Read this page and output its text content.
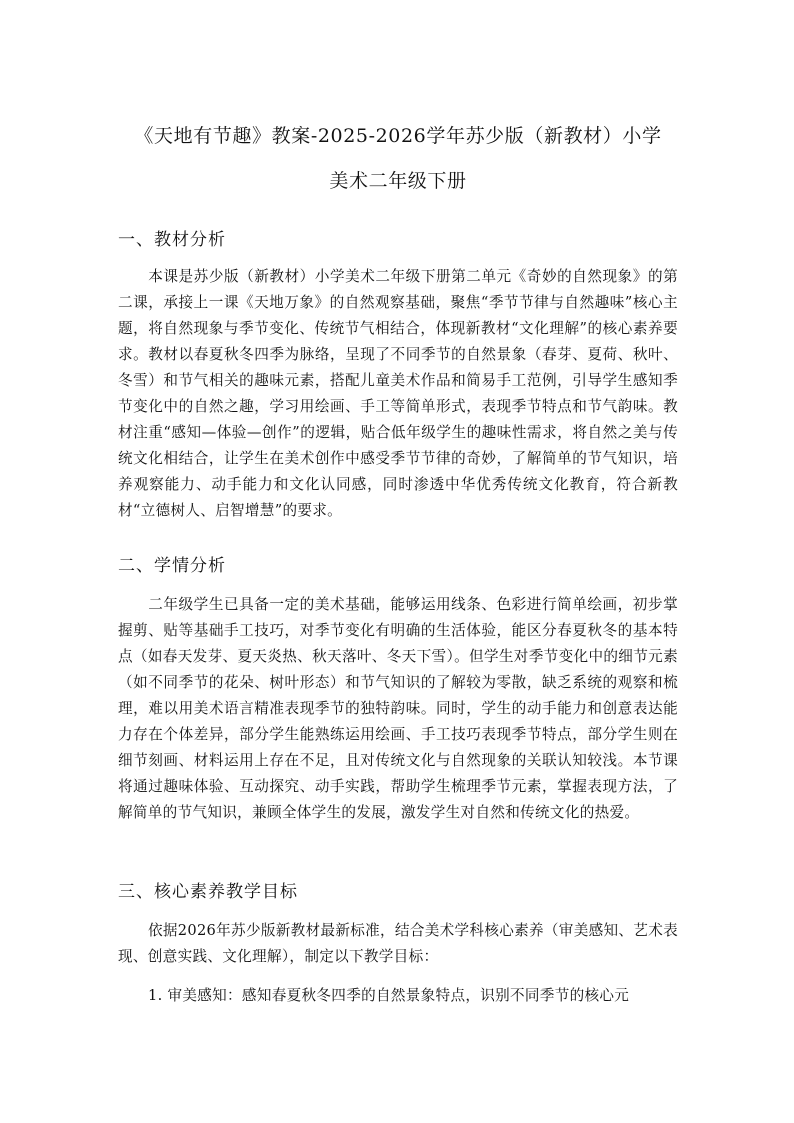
《天地有节趣》教案-2025-2026学年苏少版（新教材）小学
美术二年级下册
一、教材分析

本课是苏少版（新教材）小学美术二年级下册第二单元《奇妙的自然现象》的第二课，承接上一课《天地万象》的自然观察基础，聚焦“季节节律与自然趣味”核心主题，将自然现象与季节变化、传统节气相结合，体现新教材“文化理解”的核心素养要求。教材以春夏秋冬四季为脉络，呈现了不同季节的自然景象（春芽、夏荷、秋叶、冬雪）和节气相关的趣味元素，搭配儿童美术作品和简易手工范例，引导学生感知季节变化中的自然之趣，学习用绘画、手工等简单形式，表现季节特点和节气韵味。教材注重“感知—体验—创作”的逻辑，贴合低年级学生的趣味性需求，将自然之美与传统文化相结合，让学生在美术创作中感受季节节律的奇妙，了解简单的节气知识，培养观察能力、动手能力和文化认同感，同时渗透中华优秀传统文化教育，符合新教材“立德树人、启智增慧”的要求。

二、学情分析

二年级学生已具备一定的美术基础，能够运用线条、色彩进行简单绘画，初步掌握剪、贴等基础手工技巧，对季节变化有明确的生活体验，能区分春夏秋冬的基本特点（如春天发芽、夏天炎热、秋天落叶、冬天下雪）。但学生对季节变化中的细节元素（如不同季节的花朵、树叶形态）和节气知识的了解较为零散，缺乏系统的观察和梳理，难以用美术语言精准表现季节的独特韵味。同时，学生的动手能力和创意表达能力存在个体差异，部分学生能熟练运用绘画、手工技巧表现季节特点，部分学生则在细节刻画、材料运用上存在不足，且对传统文化与自然现象的关联认知较浅。本节课将通过趣味体验、互动探究、动手实践，帮助学生梳理季节元素，掌握表现方法，了解简单的节气知识，兼顾全体学生的发展，激发学生对自然和传统文化的热爱。

三、核心素养教学目标

依据2026年苏少版新教材最新标准，结合美术学科核心素养（审美感知、艺术表现、创意实践、文化理解），制定以下教学目标：

1. 审美感知：感知春夏秋冬四季的自然景象特点，识别不同季节的核心元
